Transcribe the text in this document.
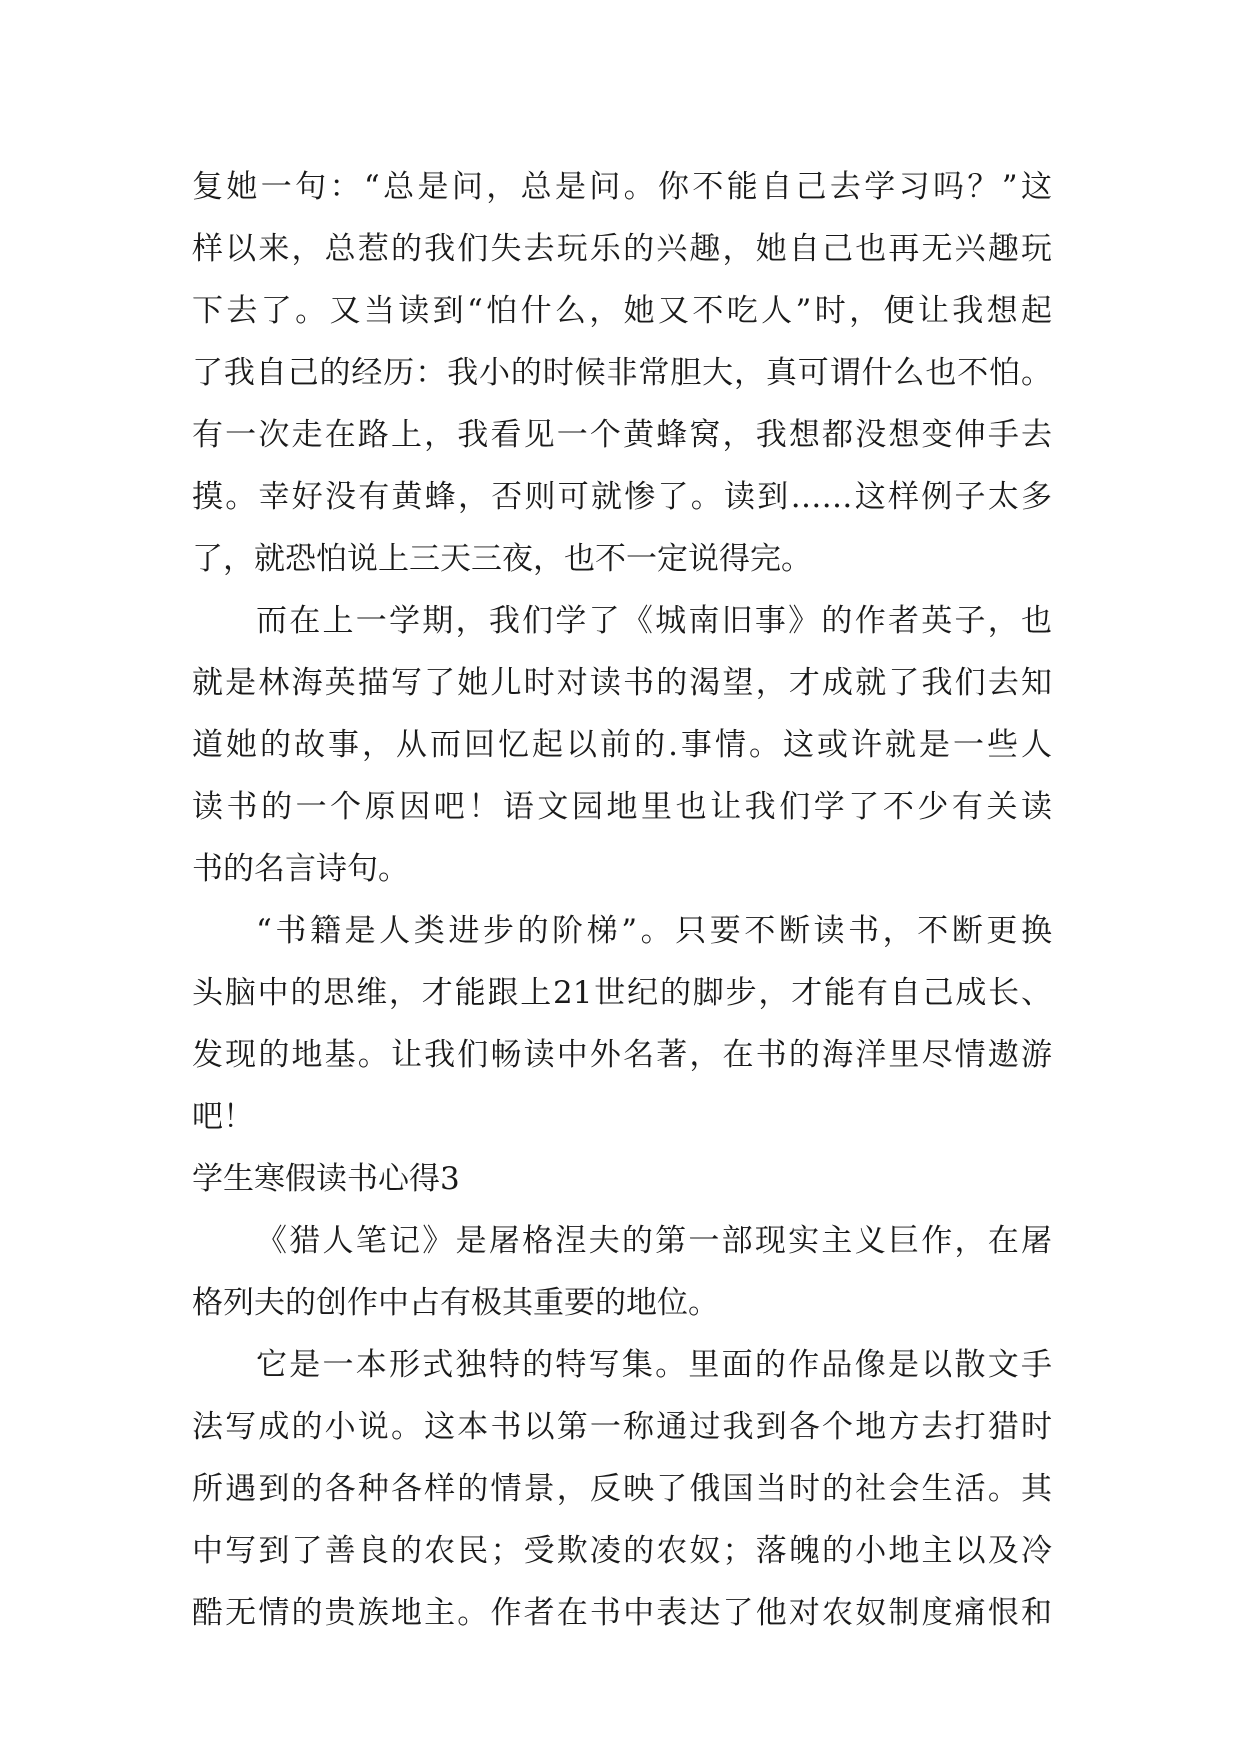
复她一句：“总是问，总是问。你不能自己去学习吗？”这
样以来，总惹的我们失去玩乐的兴趣，她自己也再无兴趣玩
下去了。又当读到“怕什么，她又不吃人”时，便让我想起
了我自己的经历：我小的时候非常胆大，真可谓什么也不怕。
有一次走在路上，我看见一个黄蜂窝，我想都没想变伸手去
摸。幸好没有黄蜂，否则可就惨了。读到……这样例子太多
了，就恐怕说上三天三夜，也不一定说得完。
而在上一学期，我们学了《城南旧事》的作者英子，也
就是林海英描写了她儿时对读书的渴望，才成就了我们去知
道她的故事，从而回忆起以前的.事情。这或许就是一些人
读书的一个原因吧！语文园地里也让我们学了不少有关读
书的名言诗句。
“书籍是人类进步的阶梯”。只要不断读书，不断更换
头脑中的思维，才能跟上21世纪的脚步，才能有自己成长、
发现的地基。让我们畅读中外名著，在书的海洋里尽情遨游
吧！
学生寒假读书心得3
《猎人笔记》是屠格涅夫的第一部现实主义巨作，在屠
格列夫的创作中占有极其重要的地位。
它是一本形式独特的特写集。里面的作品像是以散文手
法写成的小说。这本书以第一称通过我到各个地方去打猎时
所遇到的各种各样的情景，反映了俄国当时的社会生活。其
中写到了善良的农民；受欺凌的农奴；落魄的小地主以及冷
酷无情的贵族地主。作者在书中表达了他对农奴制度痛恨和
